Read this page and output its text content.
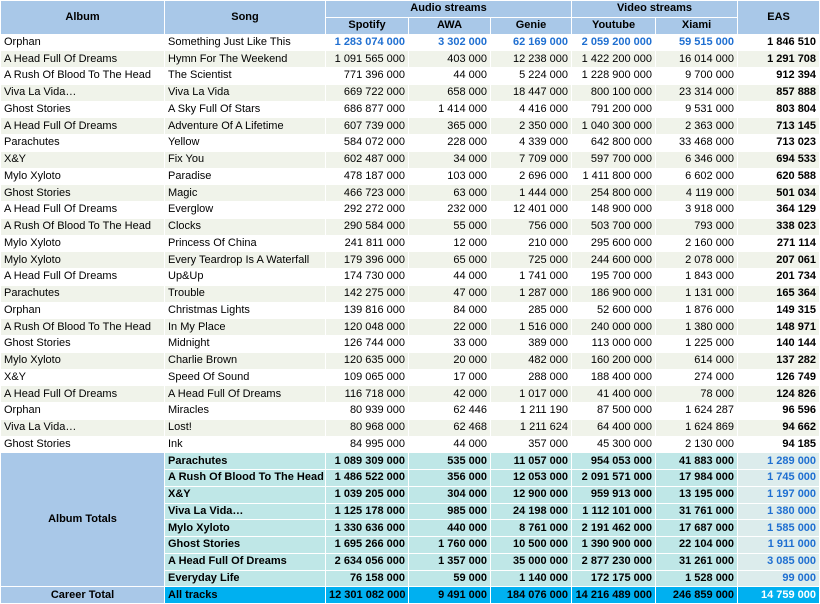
Album	Song	Audio streams			Video streams		EAS
		Spotify	AWA	Genie	Youtube	Xiami	
Orphan	Something Just Like This	1 283 074 000	3 302 000	62 169 000	2 059 200 000	59 515 000	1 846 510
A Head Full Of Dreams	Hymn For The Weekend	1 091 565 000	403 000	12 238 000	1 422 200 000	16 014 000	1 291 708
A Rush Of Blood To The Head	The Scientist	771 396 000	44 000	5 224 000	1 228 900 000	9 700 000	912 394
Viva La Vida…	Viva La Vida	669 722 000	658 000	18 447 000	800 100 000	23 314 000	857 888
Ghost Stories	A Sky Full Of Stars	686 877 000	1 414 000	4 416 000	791 200 000	9 531 000	803 804
A Head Full Of Dreams	Adventure Of A Lifetime	607 739 000	365 000	2 350 000	1 040 300 000	2 363 000	713 145
Parachutes	Yellow	584 072 000	228 000	4 339 000	642 800 000	33 468 000	713 023
X&Y	Fix You	602 487 000	34 000	7 709 000	597 700 000	6 346 000	694 533
Mylo Xyloto	Paradise	478 187 000	103 000	2 696 000	1 411 800 000	6 602 000	620 588
Ghost Stories	Magic	466 723 000	63 000	1 444 000	254 800 000	4 119 000	501 034
A Head Full Of Dreams	Everglow	292 272 000	232 000	12 401 000	148 900 000	3 918 000	364 129
A Rush Of Blood To The Head	Clocks	290 584 000	55 000	756 000	503 700 000	793 000	338 023
Mylo Xyloto	Princess Of China	241 811 000	12 000	210 000	295 600 000	2 160 000	271 114
Mylo Xyloto	Every Teardrop Is A Waterfall	179 396 000	65 000	725 000	244 600 000	2 078 000	207 061
A Head Full Of Dreams	Up&Up	174 730 000	44 000	1 741 000	195 700 000	1 843 000	201 734
Parachutes	Trouble	142 275 000	47 000	1 287 000	186 900 000	1 131 000	165 364
Orphan	Christmas Lights	139 816 000	84 000	285 000	52 600 000	1 876 000	149 315
A Rush Of Blood To The Head	In My Place	120 048 000	22 000	1 516 000	240 000 000	1 380 000	148 971
Ghost Stories	Midnight	126 744 000	33 000	389 000	113 000 000	1 225 000	140 144
Mylo Xyloto	Charlie Brown	120 635 000	20 000	482 000	160 200 000	614 000	137 282
X&Y	Speed Of Sound	109 065 000	17 000	288 000	188 400 000	274 000	126 749
A Head Full Of Dreams	A Head Full Of Dreams	116 718 000	42 000	1 017 000	41 400 000	78 000	124 826
Orphan	Miracles	80 939 000	62 446	1 211 190	87 500 000	1 624 287	96 596
Viva La Vida…	Lost!	80 968 000	62 468	1 211 624	64 400 000	1 624 869	94 662
Ghost Stories	Ink	84 995 000	44 000	357 000	45 300 000	2 130 000	94 185
Album Totals	Parachutes	1 089 309 000	535 000	11 057 000	954 053 000	41 883 000	1 289 000
	A Rush Of Blood To The Head	1 486 522 000	356 000	12 053 000	2 091 571 000	17 984 000	1 745 000
	X&Y	1 039 205 000	304 000	12 900 000	959 913 000	13 195 000	1 197 000
	Viva La Vida…	1 125 178 000	985 000	24 198 000	1 112 101 000	31 761 000	1 380 000
	Mylo Xyloto	1 330 636 000	440 000	8 761 000	2 191 462 000	17 687 000	1 585 000
	Ghost Stories	1 695 266 000	1 760 000	10 500 000	1 390 900 000	22 104 000	1 911 000
	A Head Full Of Dreams	2 634 056 000	1 357 000	35 000 000	2 877 230 000	31 261 000	3 085 000
	Everyday Life	76 158 000	59 000	1 140 000	172 175 000	1 528 000	99 000
Career Total	All tracks	12 301 082 000	9 491 000	184 076 000	14 216 489 000	246 859 000	14 759 000
